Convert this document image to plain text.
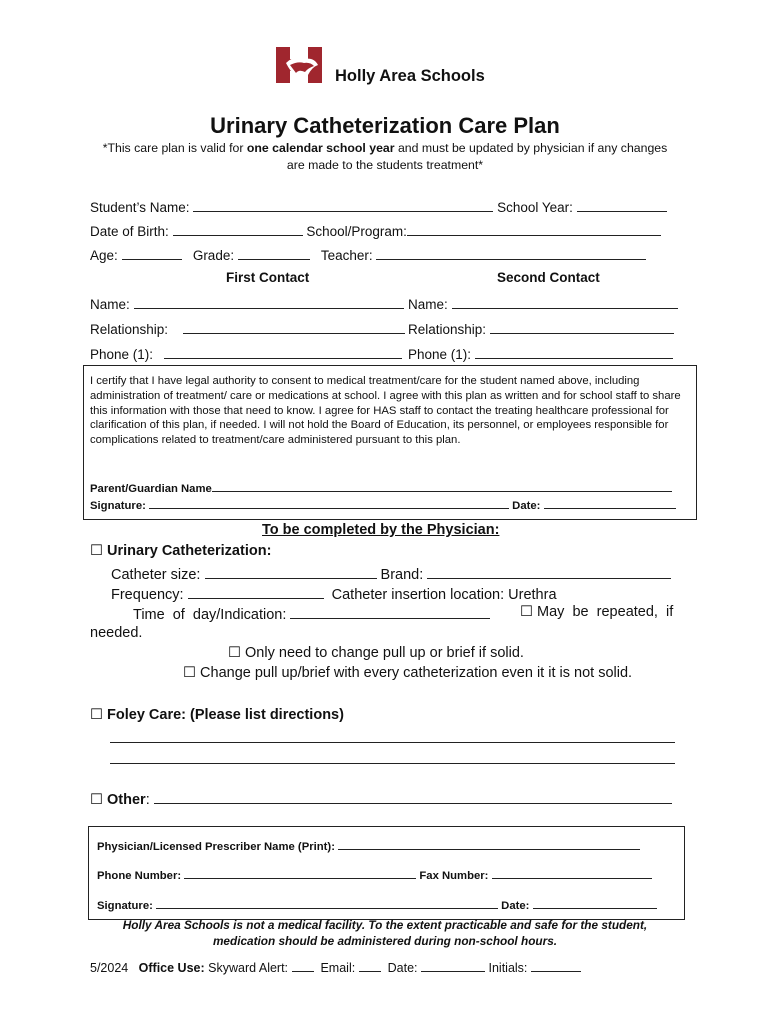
Holly Area Schools
Urinary Catheterization Care Plan
*This care plan is valid for one calendar school year and must be updated by physician if any changes
are made to the students treatment*
Student’s Name:	School Year:
Date of Birth:	School/Program:
Age:	Grade:	Teacher:
First Contact	Second Contact
Name:	Name:
Relationship:	Relationship:
Phone (1):	Phone (1):
I certify that I have legal authority to consent to medical treatment/care for the student named above, including administration of treatment/ care or medications at school. I agree with this plan as written and for school staff to share this information with those that need to know. I agree for HAS staff to contact the treating healthcare professional for clarification of this plan, if needed. I will not hold the Board of Education, its personnel, or employees responsible for complications related to treatment/care administered pursuant to this plan.
Parent/Guardian Name
Signature:	Date:
To be completed by the Physician:
☐ Urinary Catheterization:
Catheter size:	Brand:
Frequency:	Catheter insertion location: Urethra
Time  of  day/Indication:	☐ May  be  repeated,  if
needed.
☐ Only need to change pull up or brief if solid.
☐ Change pull up/brief with every catheterization even it it is not solid.
☐ Foley Care: (Please list directions)
☐ Other:
Physician/Licensed Prescriber Name (Print):
Phone Number:	Fax Number:
Signature:	Date:
Holly Area Schools is not a medical facility. To the extent practicable and safe for the student,
medication should be administered during non-school hours.
5/2024 Office Use: Skyward Alert:	Email:	Date:	Initials:
